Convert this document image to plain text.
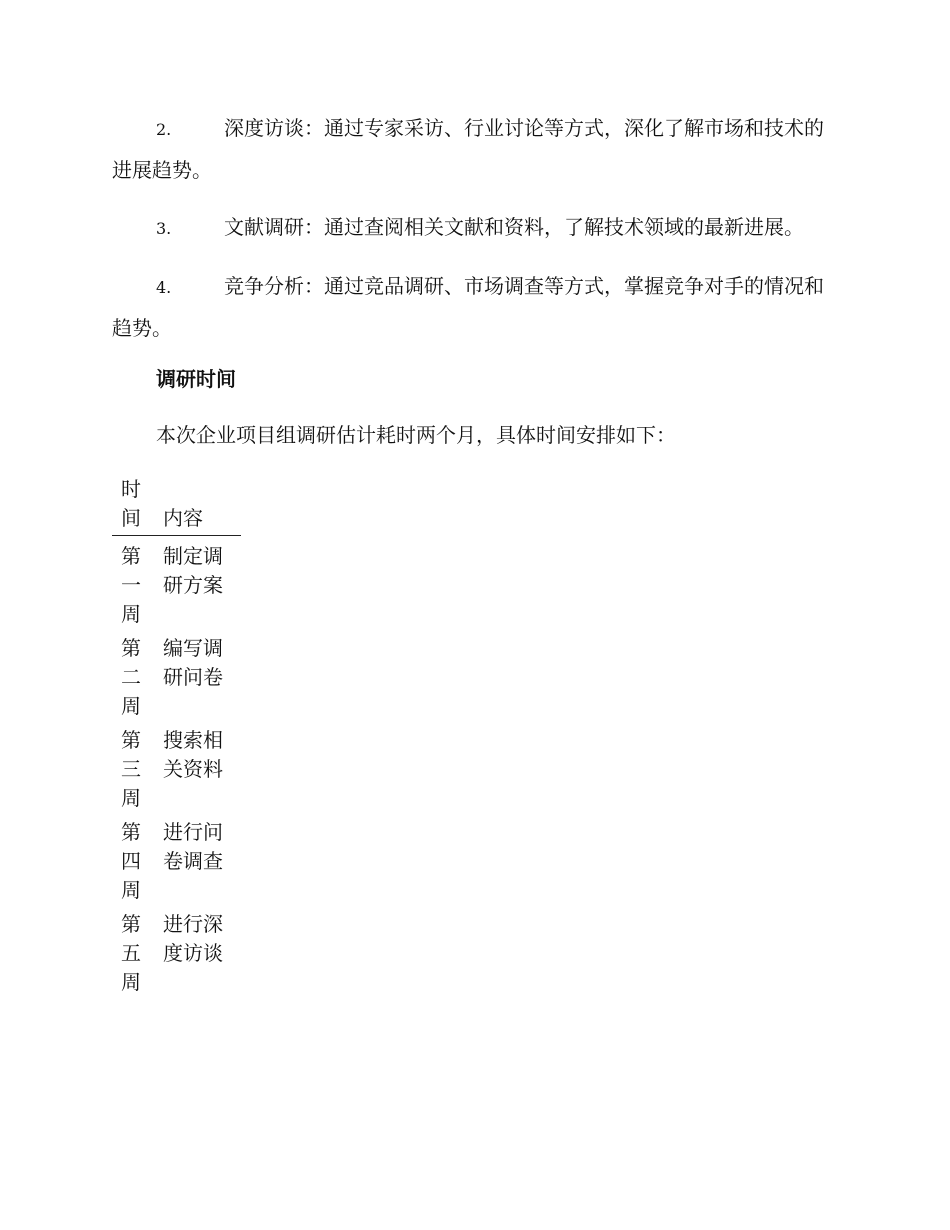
2.	深度访谈：通过专家采访、行业讨论等方式，深化了解市场和技术的进展趋势。

3.	文献调研：通过查阅相关文献和资料，了解技术领域的最新进展。

4.	竞争分析：通过竞品调研、市场调查等方式，掌握竞争对手的情况和趋势。

调研时间

本次企业项目组调研估计耗时两个月，具体时间安排如下：

时间	内容
第一周	制定调研方案
第二周	编写调研问卷
第三周	搜索相关资料
第四周	进行问卷调查
第五周	进行深度访谈
